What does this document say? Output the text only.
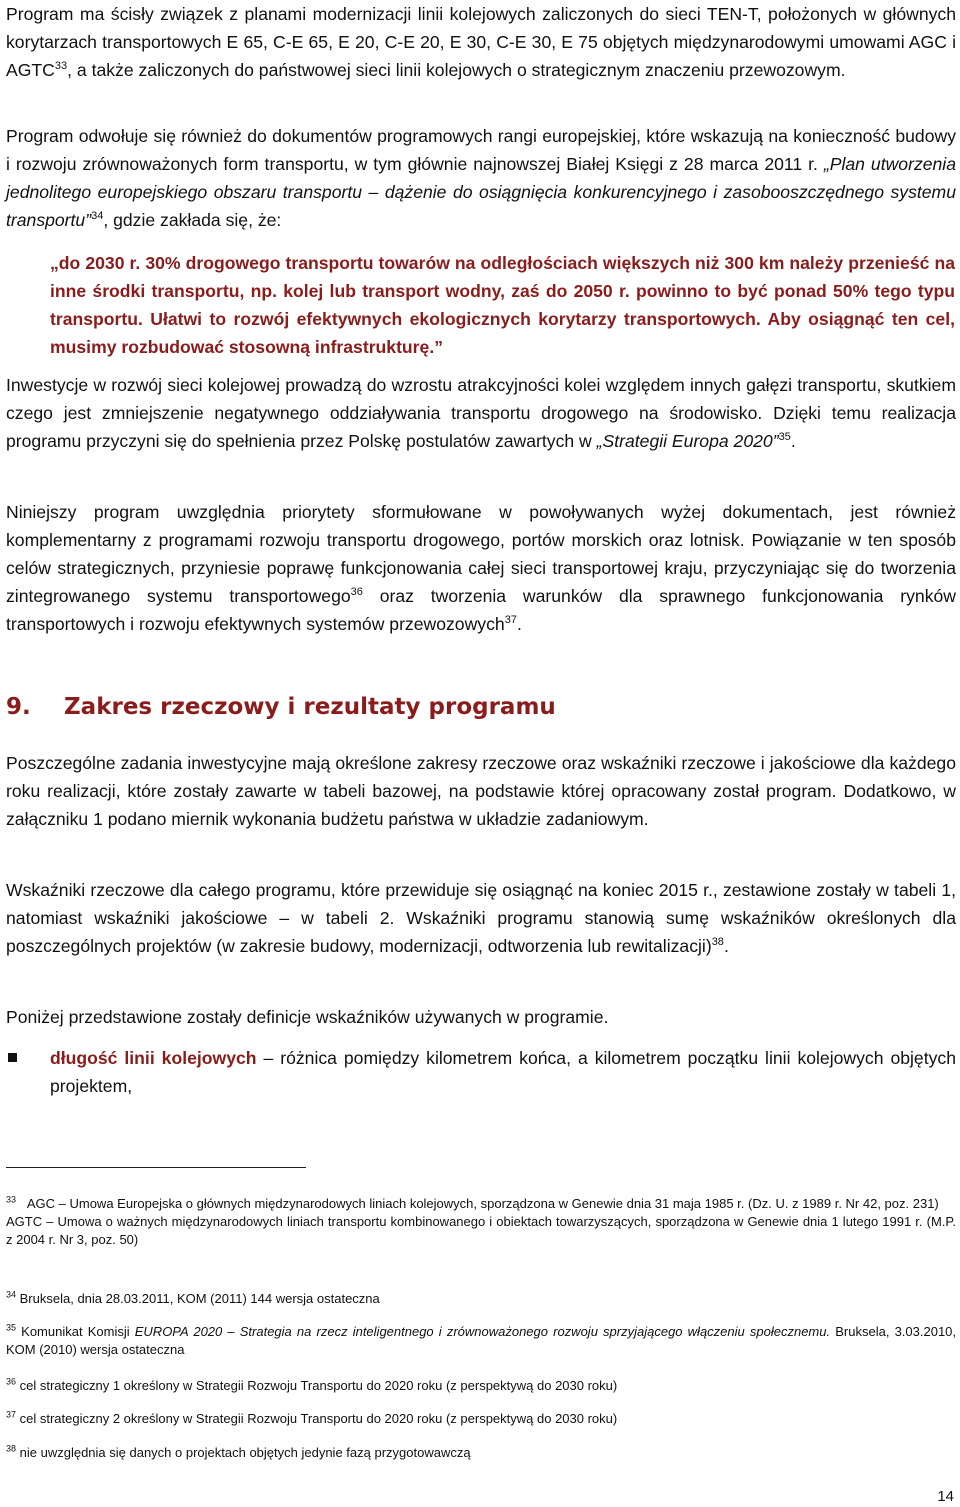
Program ma ścisły związek z planami modernizacji linii kolejowych zaliczonych do sieci TEN-T, położonych w głównych korytarzach transportowych E 65, C-E 65, E 20, C-E 20, E 30, C-E 30, E 75 objętych międzynarodowymi umowami AGC i AGTC$^{33}$, a także zaliczonych do państwowej sieci linii kolejowych o strategicznym znaczeniu przewozowym.

Program odwołuje się również do dokumentów programowych rangi europejskiej, które wskazują na konieczność budowy i rozwoju zrównoważonych form transportu, w tym głównie najnowszej Białej Księgi z 28 marca 2011 r. „Plan utworzenia jednolitego europejskiego obszaru transportu – dążenie do osiągnięcia konkurencyjnego i zasobooszczędnego systemu transportu”$^{34}$, gdzie zakłada się, że:

„do 2030 r. 30% drogowego transportu towarów na odległościach większych niż 300 km należy przenieść na inne środki transportu, np. kolej lub transport wodny, zaś do 2050 r. powinno to być ponad 50% tego typu transportu. Ułatwi to rozwój efektywnych ekologicznych korytarzy transportowych. Aby osiągnąć ten cel, musimy rozbudować stosowną infrastrukturę.”

Inwestycje w rozwój sieci kolejowej prowadzą do wzrostu atrakcyjności kolei względem innych gałęzi transportu, skutkiem czego jest zmniejszenie negatywnego oddziaływania transportu drogowego na środowisko. Dzięki temu realizacja programu przyczyni się do spełnienia przez Polskę postulatów zawartych w „Strategii Europa 2020”$^{35}$.

Niniejszy program uwzględnia priorytety sformułowane w powoływanych wyżej dokumentach, jest również komplementarny z programami rozwoju transportu drogowego, portów morskich oraz lotnisk. Powiązanie w ten sposób celów strategicznych, przyniesie poprawę funkcjonowania całej sieci transportowej kraju, przyczyniając się do tworzenia zintegrowanego systemu transportowego$^{36}$ oraz tworzenia warunków dla sprawnego funkcjonowania rynków transportowych i rozwoju efektywnych systemów przewozowych$^{37}$.

9. Zakres rzeczowy i rezultaty programu

Poszczególne zadania inwestycyjne mają określone zakresy rzeczowe oraz wskaźniki rzeczowe i jakościowe dla każdego roku realizacji, które zostały zawarte w tabeli bazowej, na podstawie której opracowany został program. Dodatkowo, w załączniku 1 podano miernik wykonania budżetu państwa w układzie zadaniowym.

Wskaźniki rzeczowe dla całego programu, które przewiduje się osiągnąć na koniec 2015 r., zestawione zostały w tabeli 1, natomiast wskaźniki jakościowe – w tabeli 2. Wskaźniki programu stanowią sumę wskaźników określonych dla poszczególnych projektów (w zakresie budowy, modernizacji, odtworzenia lub rewitalizacji)$^{38}$.

Poniżej przedstawione zostały definicje wskaźników używanych w programie.

długość linii kolejowych – różnica pomiędzy kilometrem końca, a kilometrem początku linii kolejowych objętych projektem,
$^{33}$ AGC – Umowa Europejska o głównych międzynarodowych liniach kolejowych, sporządzona w Genewie dnia 31 maja 1985 r. (Dz. U. z 1989 r. Nr 42, poz. 231)
AGTC – Umowa o ważnych międzynarodowych liniach transportu kombinowanego i obiektach towarzyszących, sporządzona w Genewie dnia 1 lutego 1991 r. (M.P. z 2004 r. Nr 3, poz. 50)
$^{34}$ Bruksela, dnia 28.03.2011, KOM (2011) 144 wersja ostateczna
$^{35}$ Komunikat Komisji EUROPA 2020 – Strategia na rzecz inteligentnego i zrównoważonego rozwoju sprzyjającego włączeniu społecznemu. Bruksela, 3.03.2010, KOM (2010) wersja ostateczna
$^{36}$ cel strategiczny 1 określony w Strategii Rozwoju Transportu do 2020 roku (z perspektywą do 2030 roku)
$^{37}$ cel strategiczny 2 określony w Strategii Rozwoju Transportu do 2020 roku (z perspektywą do 2030 roku)
$^{38}$ nie uwzględnia się danych o projektach objętych jedynie fazą przygotowawczą
14
